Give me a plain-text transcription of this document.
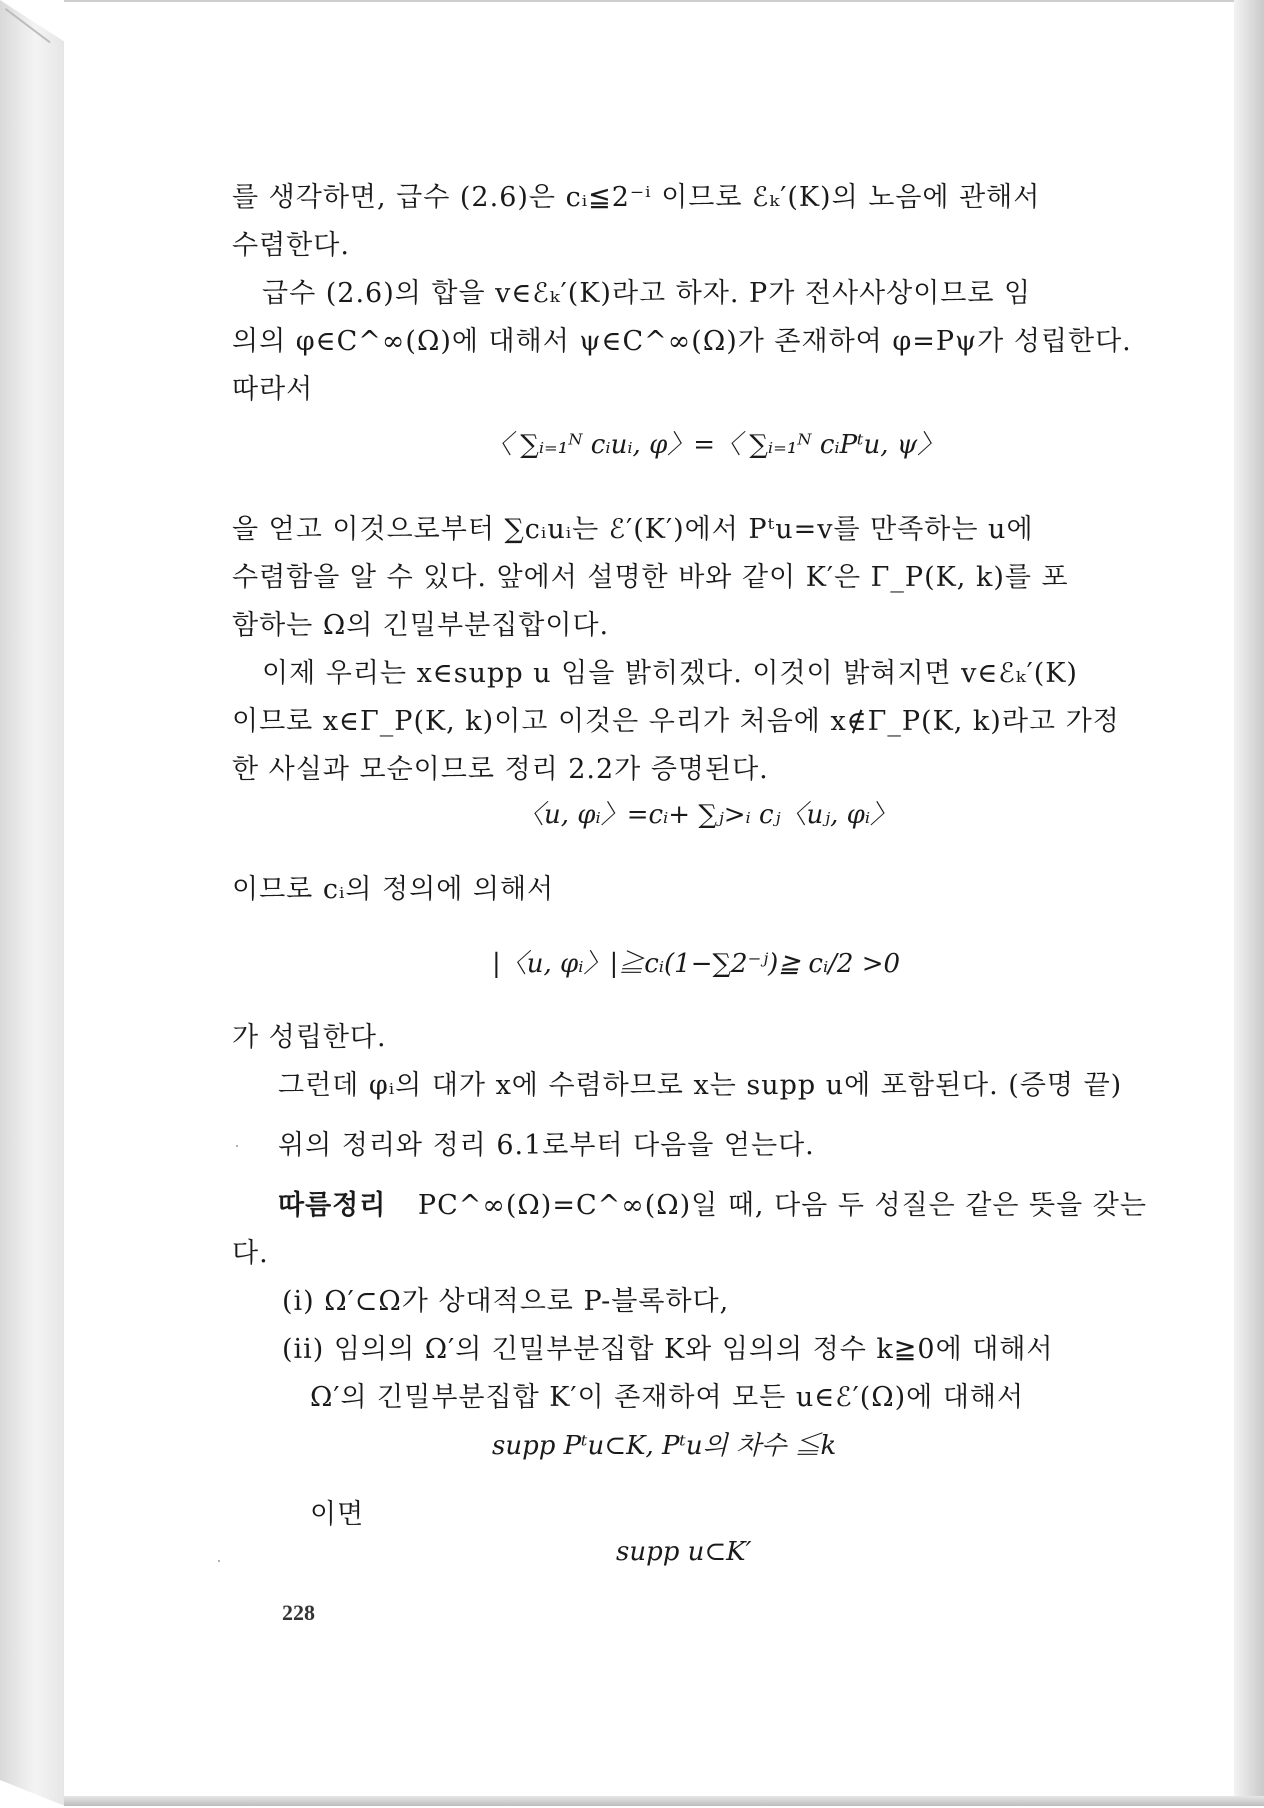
를 생각하면, 급수 (2.6)은 cᵢ≦2⁻ⁱ 이므로 ℰₖ′(K)의 노음에 관해서
수렴한다.
급수 (2.6)의 합을 v∈ℰₖ′(K)라고 하자. P가 전사사상이므로 임
의의 φ∈C^∞(Ω)에 대해서 ψ∈C^∞(Ω)가 존재하여 φ=Pψ가 성립한다.
따라서
〈 ∑ᵢ₌₁ᴺ cᵢuᵢ, φ〉=〈 ∑ᵢ₌₁ᴺ cᵢPᵗu, ψ〉
을 얻고 이것으로부터 ∑cᵢuᵢ는 ℰ′(K′)에서 Pᵗu=v를 만족하는 u에
수렴함을 알 수 있다. 앞에서 설명한 바와 같이 K′은 Γ_P(K, k)를 포
함하는 Ω의 긴밀부분집합이다.
이제 우리는 x∈supp u 임을 밝히겠다. 이것이 밝혀지면 v∈ℰₖ′(K)
이므로 x∈Γ_P(K, k)이고 이것은 우리가 처음에 x∉Γ_P(K, k)라고 가정
한 사실과 모순이므로 정리 2.2가 증명된다.
〈u, φᵢ〉=cᵢ+ ∑ⱼ>ᵢ cⱼ〈uⱼ, φᵢ〉
이므로 cᵢ의 정의에 의해서
|〈u, φᵢ〉|≧cᵢ(1−∑2⁻ʲ)≧ cᵢ/2 >0
가 성립한다.
그런데 φᵢ의 대가 x에 수렴하므로 x는 supp u에 포함된다. (증명 끝)
위의 정리와 정리 6.1로부터 다음을 얻는다.
따름정리 PC^∞(Ω)=C^∞(Ω)일 때, 다음 두 성질은 같은 뜻을 갖는
다.
(i) Ω′⊂Ω가 상대적으로 P-블록하다,
(ii) 임의의 Ω′의 긴밀부분집합 K와 임의의 정수 k≧0에 대해서
Ω′의 긴밀부분집합 K′이 존재하여 모든 u∈ℰ′(Ω)에 대해서
supp Pᵗu⊂K, Pᵗu의 차수 ≦k
이면
supp u⊂K′
228
